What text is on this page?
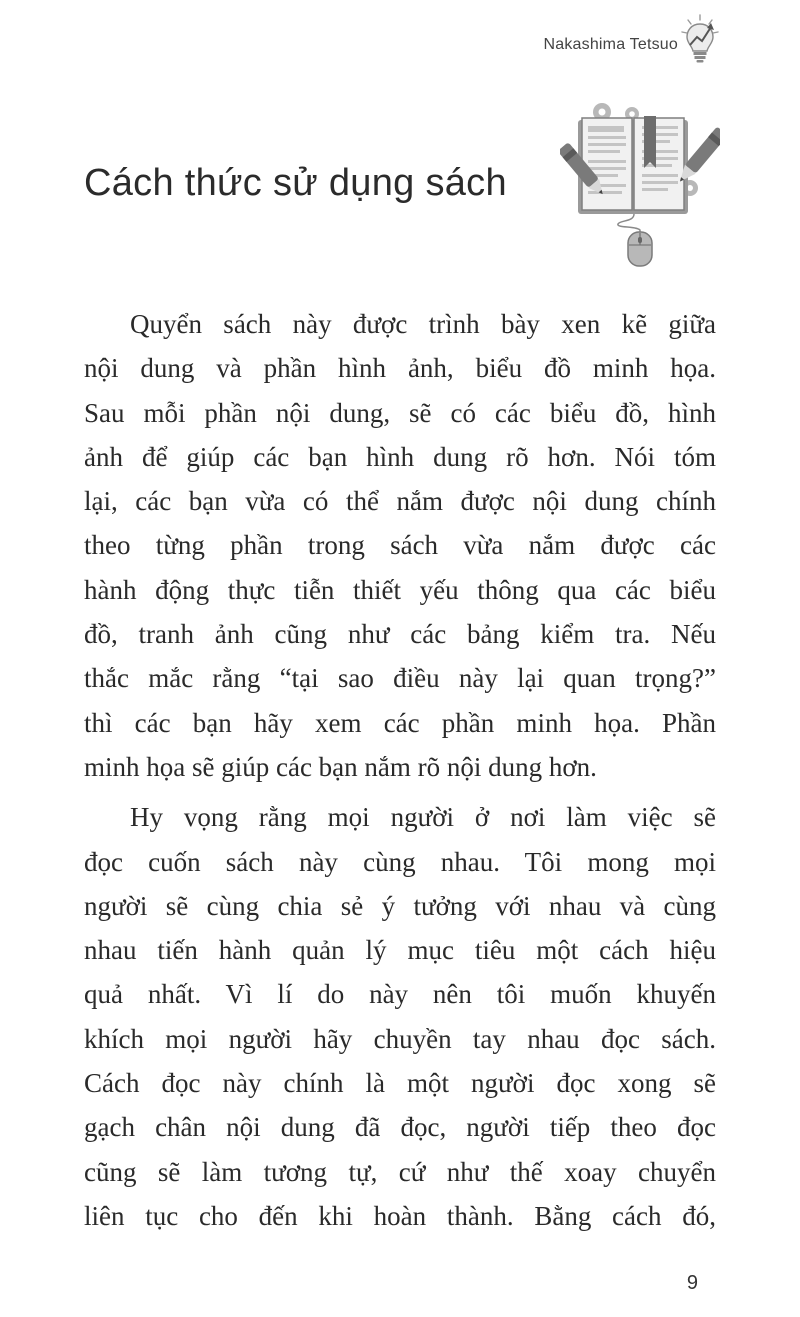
Nakashima Tetsuo
Cách thức sử dụng sách

Quyển sách này được trình bày xen kẽ giữa
nội dung và phần hình ảnh, biểu đồ minh họa.
Sau mỗi phần nội dung, sẽ có các biểu đồ, hình
ảnh để giúp các bạn hình dung rõ hơn. Nói tóm
lại, các bạn vừa có thể nắm được nội dung chính
theo từng phần trong sách vừa nắm được các
hành động thực tiễn thiết yếu thông qua các biểu
đồ, tranh ảnh cũng như các bảng kiểm tra. Nếu
thắc mắc rằng “tại sao điều này lại quan trọng?”
thì các bạn hãy xem các phần minh họa. Phần
minh họa sẽ giúp các bạn nắm rõ nội dung hơn.

Hy vọng rằng mọi người ở nơi làm việc sẽ
đọc cuốn sách này cùng nhau. Tôi mong mọi
người sẽ cùng chia sẻ ý tưởng với nhau và cùng
nhau tiến hành quản lý mục tiêu một cách hiệu
quả nhất. Vì lí do này nên tôi muốn khuyến
khích mọi người hãy chuyền tay nhau đọc sách.
Cách đọc này chính là một người đọc xong sẽ
gạch chân nội dung đã đọc, người tiếp theo đọc
cũng sẽ làm tương tự, cứ như thế xoay chuyển
liên tục cho đến khi hoàn thành. Bằng cách đó,

9
